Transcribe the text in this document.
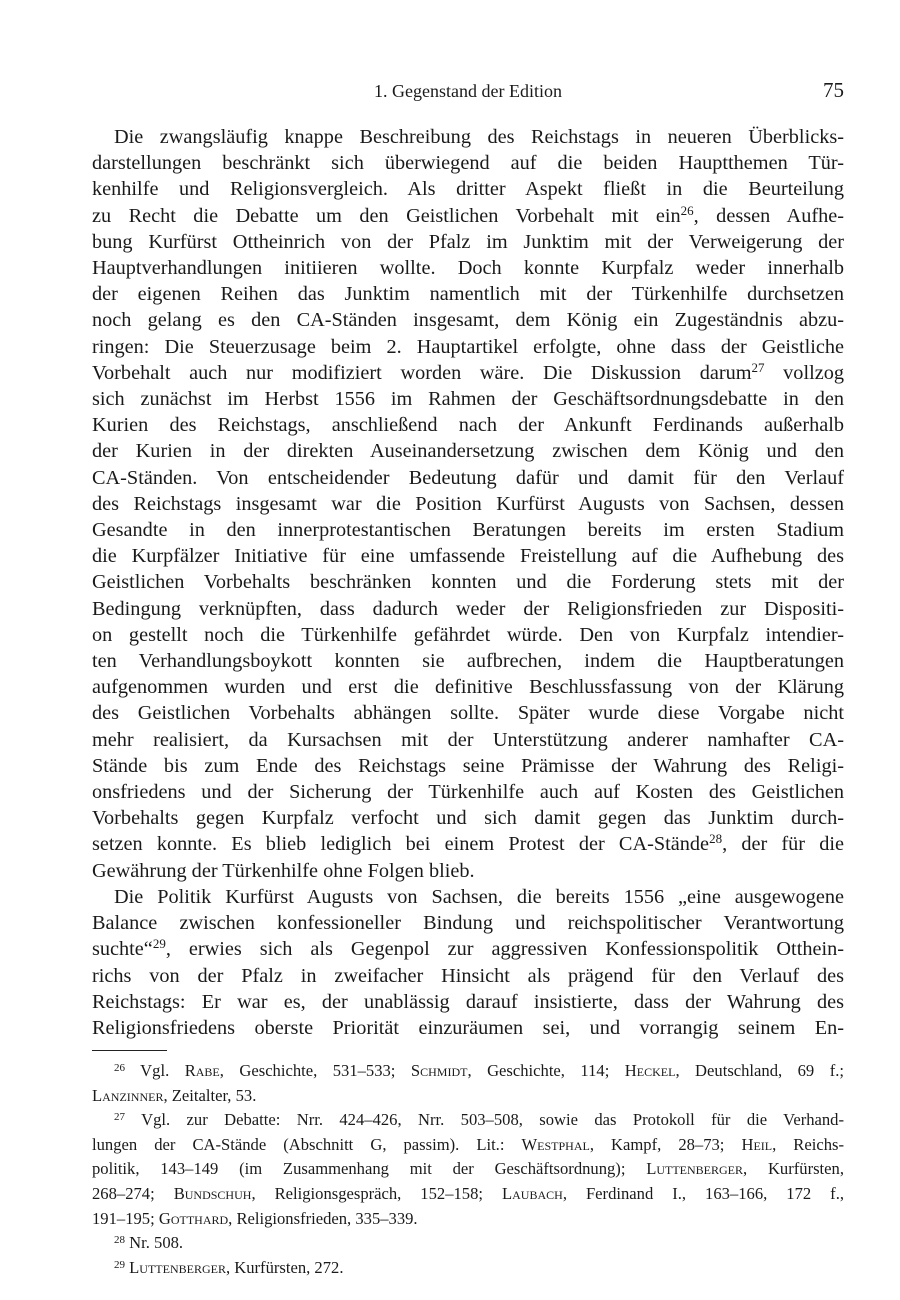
1. Gegenstand der Edition	75
Die zwangsläufig knappe Beschreibung des Reichstags in neueren Überblicks-
darstellungen beschränkt sich überwiegend auf die beiden Hauptthemen Tür-
kenhilfe und Religionsvergleich. Als dritter Aspekt fließt in die Beurteilung
zu Recht die Debatte um den Geistlichen Vorbehalt mit ein$^{26}$, dessen Aufhe-
bung Kurfürst Ottheinrich von der Pfalz im Junktim mit der Verweigerung der
Hauptverhandlungen initiieren wollte. Doch konnte Kurpfalz weder innerhalb
der eigenen Reihen das Junktim namentlich mit der Türkenhilfe durchsetzen
noch gelang es den CA-Ständen insgesamt, dem König ein Zugeständnis abzu-
ringen: Die Steuerzusage beim 2. Hauptartikel erfolgte, ohne dass der Geistliche
Vorbehalt auch nur modifiziert worden wäre. Die Diskussion darum$^{27}$ vollzog
sich zunächst im Herbst 1556 im Rahmen der Geschäftsordnungsdebatte in den
Kurien des Reichstags, anschließend nach der Ankunft Ferdinands außerhalb
der Kurien in der direkten Auseinandersetzung zwischen dem König und den
CA-Ständen. Von entscheidender Bedeutung dafür und damit für den Verlauf
des Reichstags insgesamt war die Position Kurfürst Augusts von Sachsen, dessen
Gesandte in den innerprotestantischen Beratungen bereits im ersten Stadium
die Kurpfälzer Initiative für eine umfassende Freistellung auf die Aufhebung des
Geistlichen Vorbehalts beschränken konnten und die Forderung stets mit der
Bedingung verknüpften, dass dadurch weder der Religionsfrieden zur Dispositi-
on gestellt noch die Türkenhilfe gefährdet würde. Den von Kurpfalz intendier-
ten Verhandlungsboykott konnten sie aufbrechen, indem die Hauptberatungen
aufgenommen wurden und erst die definitive Beschlussfassung von der Klärung
des Geistlichen Vorbehalts abhängen sollte. Später wurde diese Vorgabe nicht
mehr realisiert, da Kursachsen mit der Unterstützung anderer namhafter CA-
Stände bis zum Ende des Reichstags seine Prämisse der Wahrung des Religi-
onsfriedens und der Sicherung der Türkenhilfe auch auf Kosten des Geistlichen
Vorbehalts gegen Kurpfalz verfocht und sich damit gegen das Junktim durch-
setzen konnte. Es blieb lediglich bei einem Protest der CA-Stände$^{28}$, der für die
Gewährung der Türkenhilfe ohne Folgen blieb.
Die Politik Kurfürst Augusts von Sachsen, die bereits 1556 „eine ausgewogene
Balance zwischen konfessioneller Bindung und reichspolitischer Verantwortung
suchte“$^{29}$, erwies sich als Gegenpol zur aggressiven Konfessionspolitik Otthein-
richs von der Pfalz in zweifacher Hinsicht als prägend für den Verlauf des
Reichstags: Er war es, der unablässig darauf insistierte, dass der Wahrung des
Religionsfriedens oberste Priorität einzuräumen sei, und vorrangig seinem En-
$^{26}$ Vgl. Rabe, Geschichte, 531–533; Schmidt, Geschichte, 114; Heckel, Deutschland, 69 f.;
Lanzinner, Zeitalter, 53.
$^{27}$ Vgl. zur Debatte: Nrr. 424–426, Nrr. 503–508, sowie das Protokoll für die Verhand-
lungen der CA-Stände (Abschnitt G, passim). Lit.: Westphal, Kampf, 28–73; Heil, Reichs-
politik, 143–149 (im Zusammenhang mit der Geschäftsordnung); Luttenberger, Kurfürsten,
268–274; Bundschuh, Religionsgespräch, 152–158; Laubach, Ferdinand I., 163–166, 172 f.,
191–195; Gotthard, Religionsfrieden, 335–339.
$^{28}$ Nr. 508.
$^{29}$ Luttenberger, Kurfürsten, 272.
